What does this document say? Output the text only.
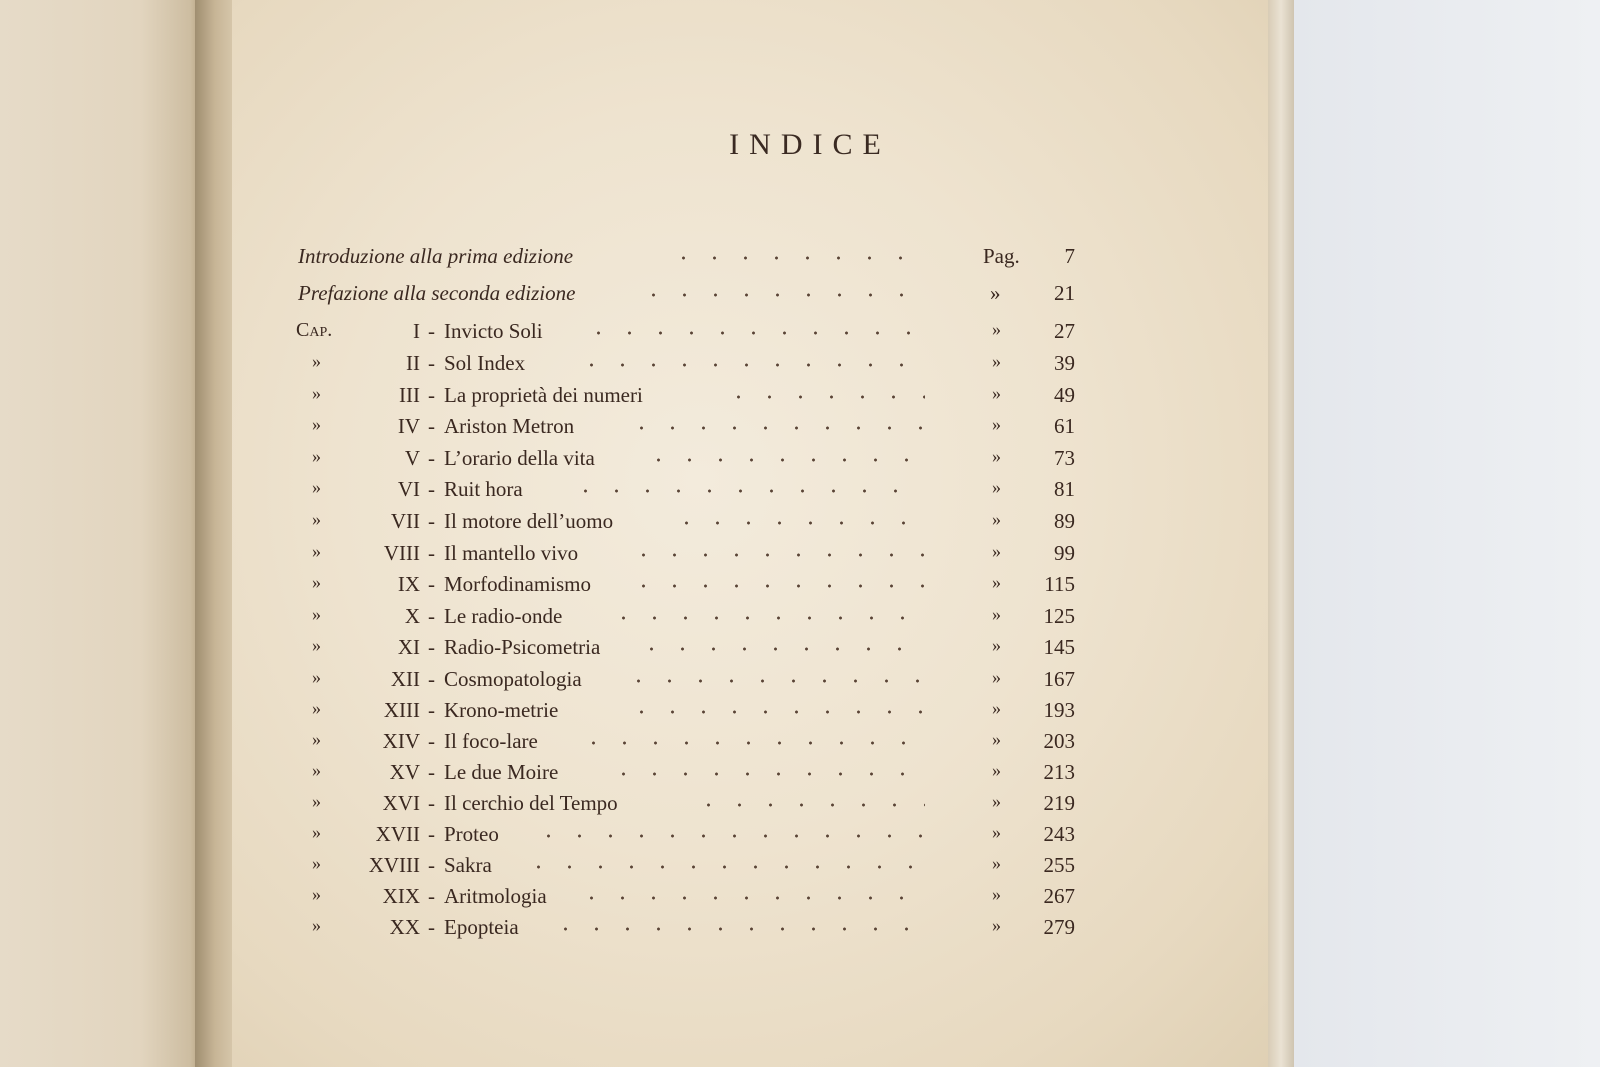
INDICE
Introduzione alla prima edizione	Pag. 7
Prefazione alla seconda edizione	»	21
Cap.	I - Invicto Soli	»	27
»	II - Sol Index	»	39
»	III - La proprietà dei numeri	»	49
»	IV - Ariston Metron	»	61
»	V - L’orario della vita	»	73
»	VI - Ruit hora	»	81
»	VII - Il motore dell’uomo	»	89
»	VIII - Il mantello vivo	»	99
»	IX - Morfodinamismo	» 115
»	X - Le radio-onde	» 125
»	XI - Radio-Psicometria	» 145
»	XII - Cosmopatologia	» 167
»	XIII - Krono-metrie	» 193
»	XIV - Il foco-lare	» 203
»	XV - Le due Moire	» 213
»	XVI - Il cerchio del Tempo	» 219
»	XVII - Proteo	» 243
» XVIII - Sakra	» 255
»	XIX - Aritmologia	» 267
»	XX - Epopteia	» 279
